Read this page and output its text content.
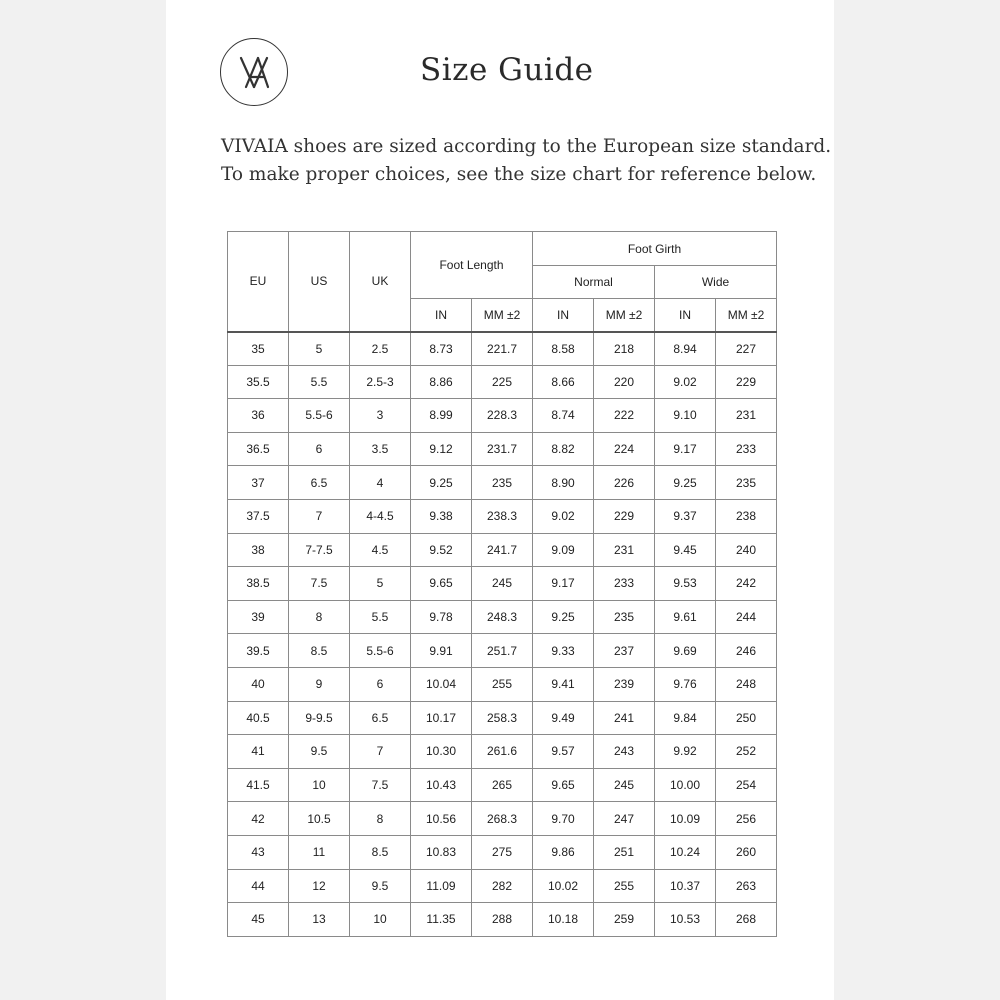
Size Guide
VIVAIA shoes are sized according to the European size standard.
To make proper choices, see the size chart for reference below.
EU	US	UK	Foot Length		Foot Girth			
					Normal		Wide	
			IN	MM ±2	IN	MM ±2	IN	MM ±2
35	5	2.5	8.73	221.7	8.58	218	8.94	227
35.5	5.5	2.5-3	8.86	225	8.66	220	9.02	229
36	5.5-6	3	8.99	228.3	8.74	222	9.10	231
36.5	6	3.5	9.12	231.7	8.82	224	9.17	233
37	6.5	4	9.25	235	8.90	226	9.25	235
37.5	7	4-4.5	9.38	238.3	9.02	229	9.37	238
38	7-7.5	4.5	9.52	241.7	9.09	231	9.45	240
38.5	7.5	5	9.65	245	9.17	233	9.53	242
39	8	5.5	9.78	248.3	9.25	235	9.61	244
39.5	8.5	5.5-6	9.91	251.7	9.33	237	9.69	246
40	9	6	10.04	255	9.41	239	9.76	248
40.5	9-9.5	6.5	10.17	258.3	9.49	241	9.84	250
41	9.5	7	10.30	261.6	9.57	243	9.92	252
41.5	10	7.5	10.43	265	9.65	245	10.00	254
42	10.5	8	10.56	268.3	9.70	247	10.09	256
43	11	8.5	10.83	275	9.86	251	10.24	260
44	12	9.5	11.09	282	10.02	255	10.37	263
45	13	10	11.35	288	10.18	259	10.53	268
